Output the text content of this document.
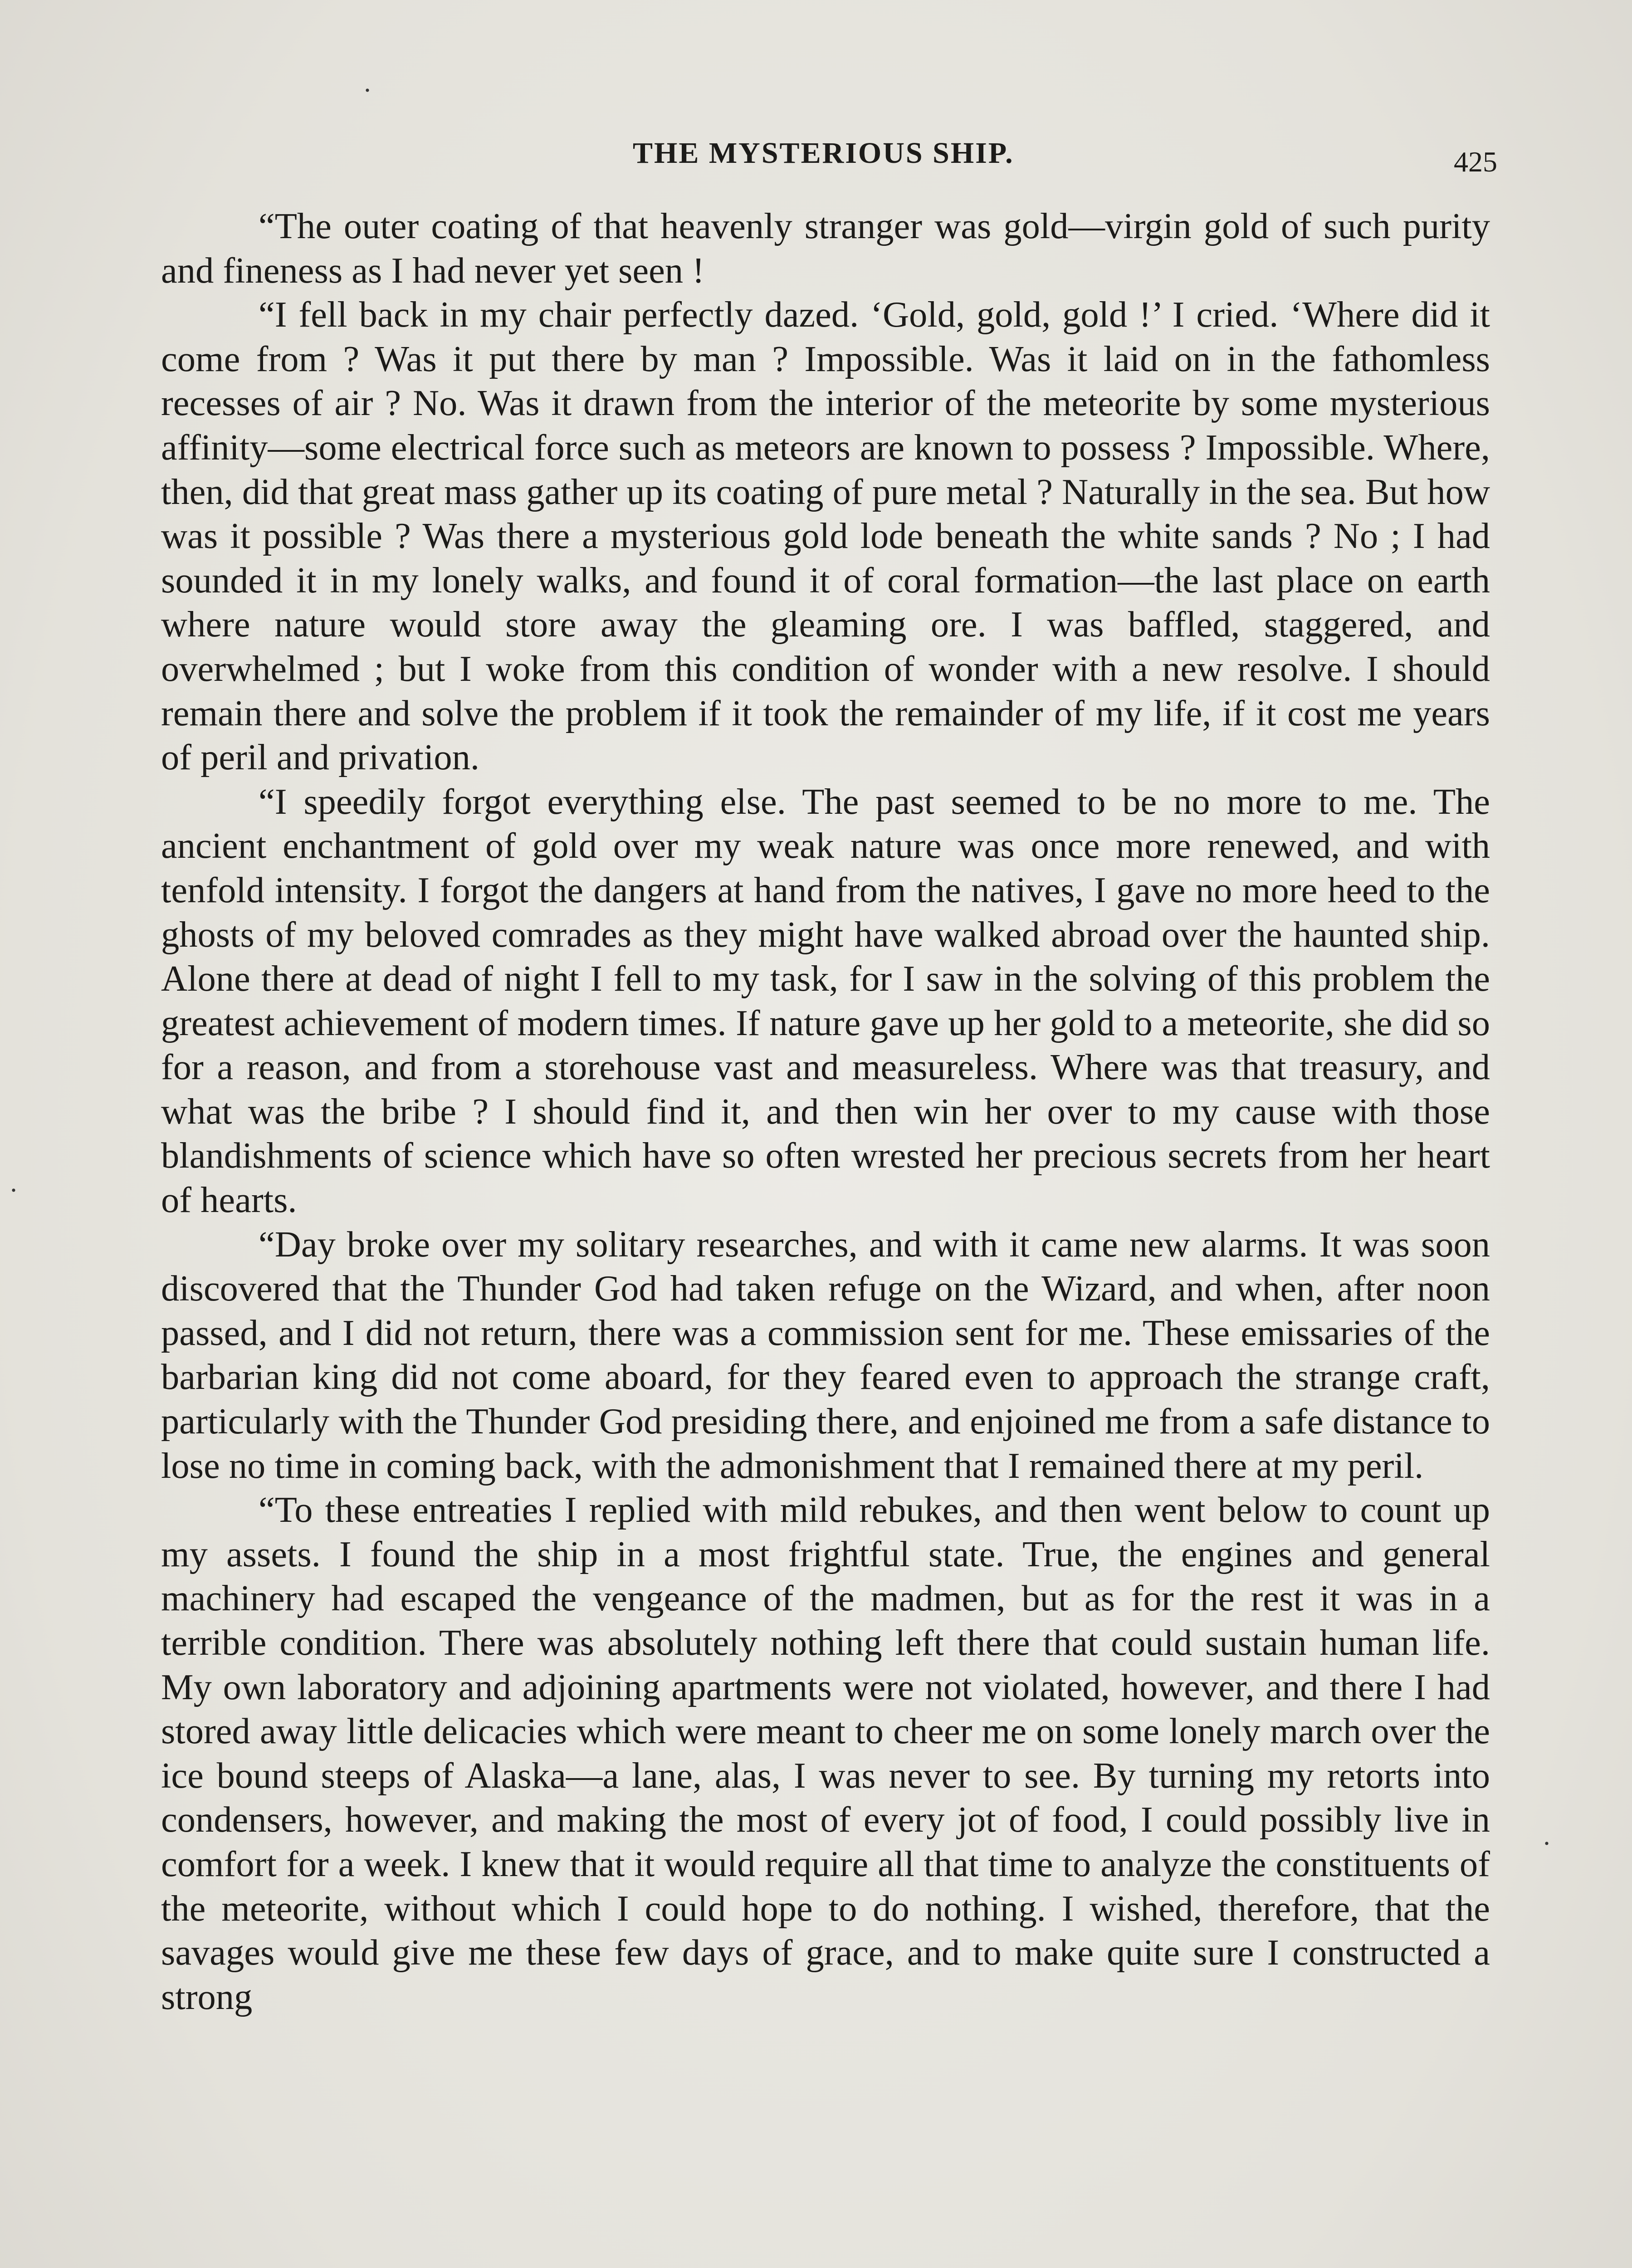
THE MYSTERIOUS SHIP.	425

“The outer coating of that heavenly stranger was gold—virgin gold of such purity and fineness as I had never yet seen !

“I fell back in my chair perfectly dazed. ‘Gold, gold, gold !’ I cried. ‘Where did it come from ? Was it put there by man ? Impossible. Was it laid on in the fathomless recesses of air ? No. Was it drawn from the interior of the meteorite by some mysterious affinity—some electrical force such as meteors are known to possess ? Impossible. Where, then, did that great mass gather up its coating of pure metal ? Naturally in the sea. But how was it possible ? Was there a mysterious gold lode beneath the white sands ? No ; I had sounded it in my lonely walks, and found it of coral formation—the last place on earth where nature would store away the gleaming ore. I was baffled, staggered, and overwhelmed ; but I woke from this condition of wonder with a new resolve. I should remain there and solve the problem if it took the remainder of my life, if it cost me years of peril and privation.

“I speedily forgot everything else. The past seemed to be no more to me. The ancient enchantment of gold over my weak nature was once more renewed, and with tenfold intensity. I forgot the dangers at hand from the natives, I gave no more heed to the ghosts of my beloved comrades as they might have walked abroad over the haunted ship. Alone there at dead of night I fell to my task, for I saw in the solving of this problem the greatest achievement of modern times. If nature gave up her gold to a meteorite, she did so for a reason, and from a storehouse vast and measureless. Where was that treasury, and what was the bribe ? I should find it, and then win her over to my cause with those blandishments of science which have so often wrested her precious secrets from her heart of hearts.

“Day broke over my solitary researches, and with it came new alarms. It was soon discovered that the Thunder God had taken refuge on the Wizard, and when, after noon passed, and I did not return, there was a commission sent for me. These emissaries of the barbarian king did not come aboard, for they feared even to approach the strange craft, particularly with the Thunder God presiding there, and enjoined me from a safe distance to lose no time in coming back, with the admonishment that I remained there at my peril.

“To these entreaties I replied with mild rebukes, and then went below to count up my assets. I found the ship in a most frightful state. True, the engines and general machinery had escaped the vengeance of the madmen, but as for the rest it was in a terrible condition. There was absolutely nothing left there that could sustain human life. My own laboratory and adjoining apartments were not violated, however, and there I had stored away little delicacies which were meant to cheer me on some lonely march over the ice bound steeps of Alaska—a lane, alas, I was never to see. By turning my retorts into condensers, however, and making the most of every jot of food, I could possibly live in comfort for a week. I knew that it would require all that time to analyze the constituents of the meteorite, without which I could hope to do nothing. I wished, therefore, that the savages would give me these few days of grace, and to make quite sure I constructed a strong

·
·
·
